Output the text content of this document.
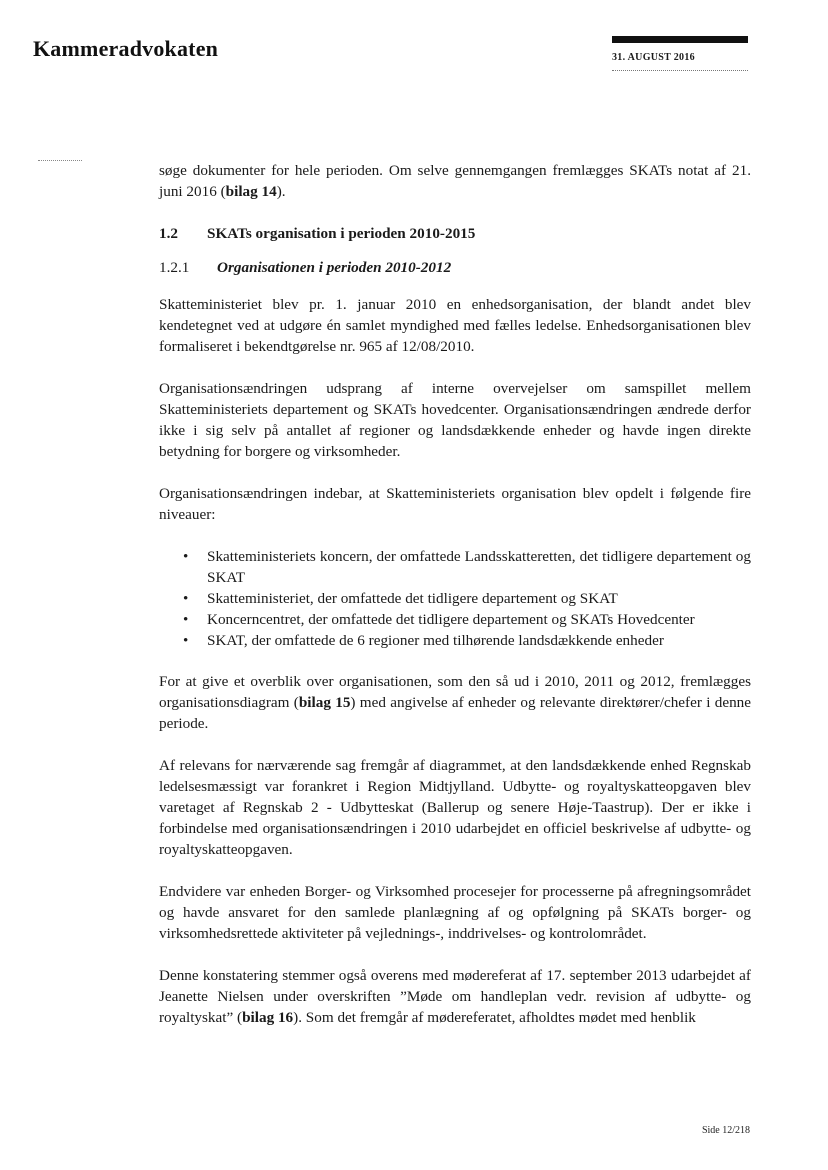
Kammeradvokaten	31. AUGUST 2016

søge dokumenter for hele perioden. Om selve gennemgangen fremlægges SKATs notat af 21. juni 2016 (bilag 14).

1.2 SKATs organisation i perioden 2010-2015
1.2.1 Organisationen i perioden 2010-2012

Skatteministeriet blev pr. 1. januar 2010 en enhedsorganisation, der blandt andet blev kendetegnet ved at udgøre én samlet myndighed med fælles ledelse. Enhedsorganisationen blev formaliseret i bekendtgørelse nr. 965 af 12/08/2010.

Organisationsændringen udsprang af interne overvejelser om samspillet mellem Skatteministeriets departement og SKATs hovedcenter. Organisationsændringen ændrede derfor ikke i sig selv på antallet af regioner og landsdækkende enheder og havde ingen direkte betydning for borgere og virksomheder.

Organisationsændringen indebar, at Skatteministeriets organisation blev opdelt i følgende fire niveauer:

• Skatteministeriets koncern, der omfattede Landsskatteretten, det tidligere departement og SKAT
• Skatteministeriet, der omfattede det tidligere departement og SKAT
• Koncerncentret, der omfattede det tidligere departement og SKATs Hovedcenter
• SKAT, der omfattede de 6 regioner med tilhørende landsdækkende enheder

For at give et overblik over organisationen, som den så ud i 2010, 2011 og 2012, fremlægges organisationsdiagram (bilag 15) med angivelse af enheder og relevante direktører/chefer i denne periode.

Af relevans for nærværende sag fremgår af diagrammet, at den landsdækkende enhed Regnskab ledelsesmæssigt var forankret i Region Midtjylland. Udbytte- og royaltyskatteopgaven blev varetaget af Regnskab 2 - Udbytteskat (Ballerup og senere Høje-Taastrup). Der er ikke i forbindelse med organisationsændringen i 2010 udarbejdet en officiel beskrivelse af udbytte- og royaltyskatteopgaven.

Endvidere var enheden Borger- og Virksomhed procesejer for processerne på afregningsområdet og havde ansvaret for den samlede planlægning af og opfølgning på SKATs borger- og virksomhedsrettede aktiviteter på vejlednings-, inddrivelses- og kontrolområdet.

Denne konstatering stemmer også overens med mødereferat af 17. september 2013 udarbejdet af Jeanette Nielsen under overskriften ”Møde om handleplan vedr. revision af udbytte- og royaltyskat” (bilag 16). Som det fremgår af mødereferatet, afholdtes mødet med henblik

Side 12/218
